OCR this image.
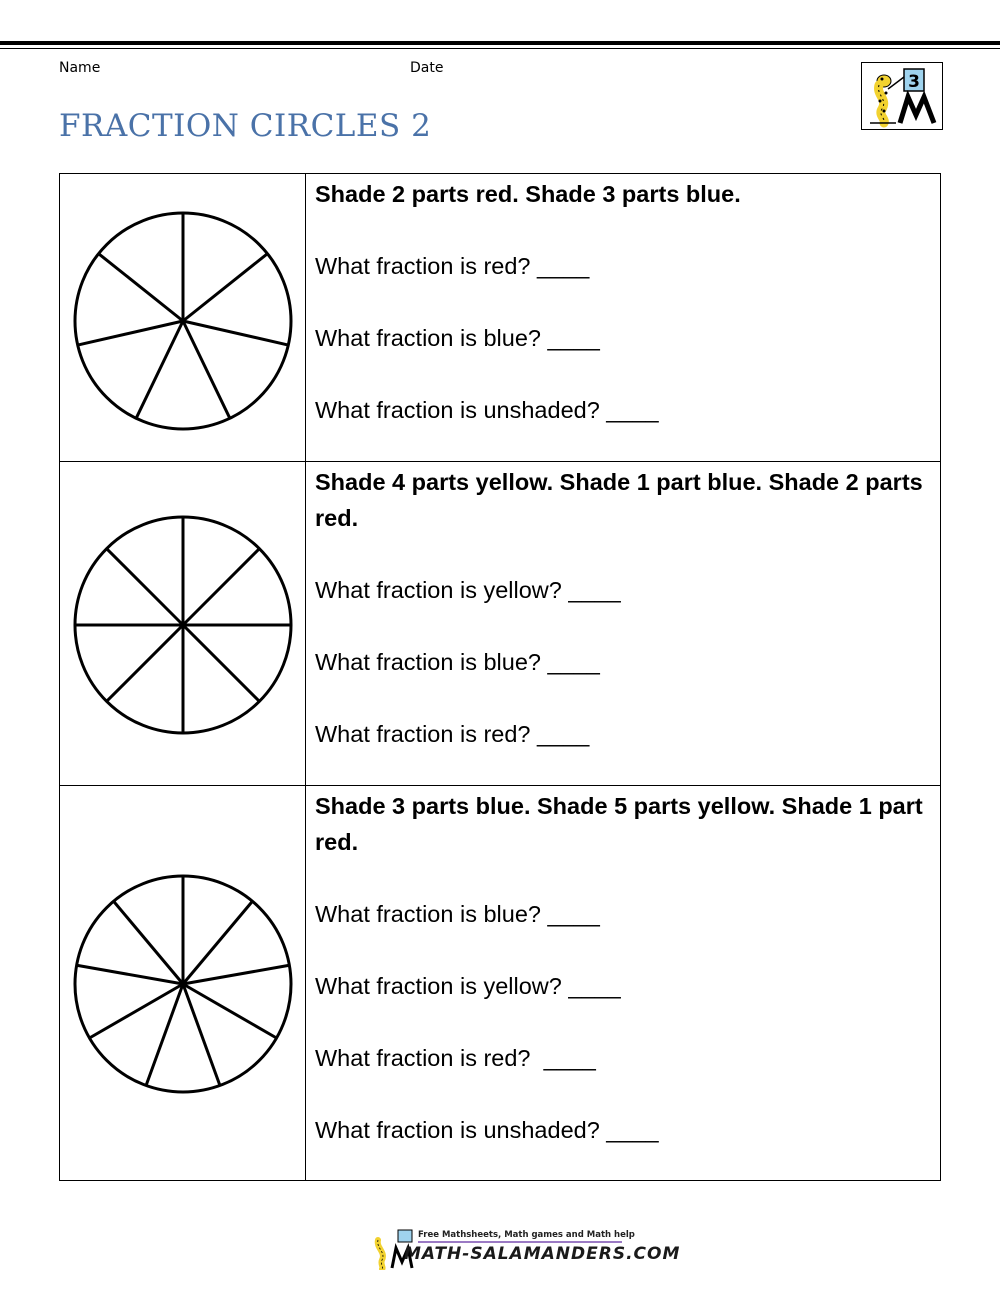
Name	Date
FRACTION CIRCLES 2
3

Shade 2 parts red. Shade 3 parts blue.
What fraction is red? ____
What fraction is blue? ____
What fraction is unshaded? ____

Shade 4 parts yellow. Shade 1 part blue. Shade 2 parts red.
What fraction is yellow? ____
What fraction is blue? ____
What fraction is red? ____

Shade 3 parts blue. Shade 5 parts yellow. Shade 1 part red.
What fraction is blue? ____
What fraction is yellow? ____
What fraction is red?  ____
What fraction is unshaded? ____
Free Mathsheets, Math games and Math help
MATH-SALAMANDERS.COM
